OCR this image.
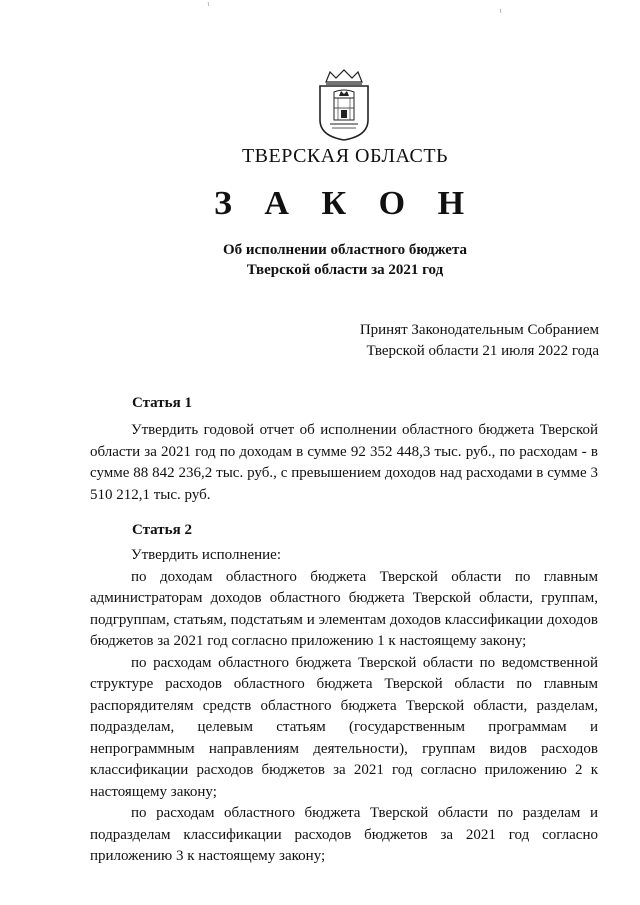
ТВЕРСКАЯ ОБЛАСТЬ
З А К О Н
Об исполнении областного бюджета
Тверской области за 2021 год
Принят Законодательным Собранием
Тверской области 21 июля 2022 года
Статья 1

Утвердить годовой отчет об исполнении областного бюджета Тверской области за 2021 год по доходам в сумме 92 352 448,3 тыс. руб., по расходам - в сумме 88 842 236,2 тыс. руб., с превышением доходов над расходами в сумме 3 510 212,1 тыс. руб.

Статья 2

Утвердить исполнение:

по доходам областного бюджета Тверской области по главным администраторам доходов областного бюджета Тверской области, группам, подгруппам, статьям, подстатьям и элементам доходов классификации доходов бюджетов за 2021 год согласно приложению 1 к настоящему закону;

по расходам областного бюджета Тверской области по ведомственной структуре расходов областного бюджета Тверской области по главным распорядителям средств областного бюджета Тверской области, разделам, подразделам, целевым статьям (государственным программам и непрограммным направлениям деятельности), группам видов расходов классификации расходов бюджетов за 2021 год согласно приложению 2 к настоящему закону;

по расходам областного бюджета Тверской области по разделам и подразделам классификации расходов бюджетов за 2021 год согласно приложению 3 к настоящему закону;
